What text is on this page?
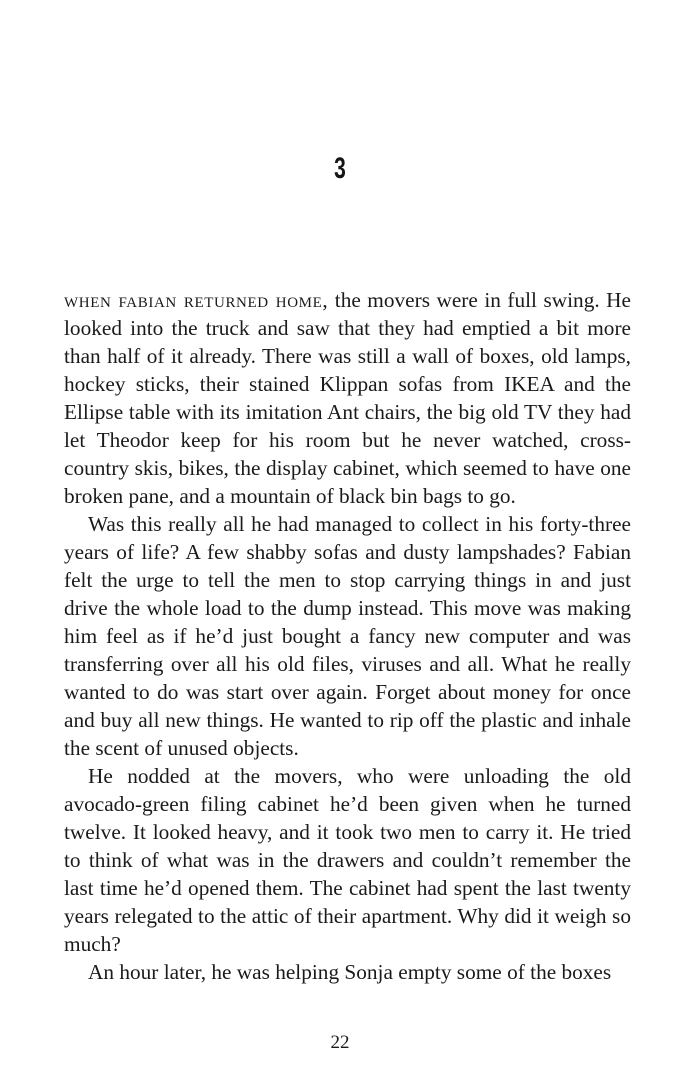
3

when fabian returned home, the movers were in full swing. He looked into the truck and saw that they had emptied a bit more than half of it already. There was still a wall of boxes, old lamps, hockey sticks, their stained Klippan sofas from IKEA and the Ellipse table with its imitation Ant chairs, the big old TV they had let Theodor keep for his room but he never watched, cross-country skis, bikes, the display cabinet, which seemed to have one broken pane, and a mountain of black bin bags to go.

Was this really all he had managed to collect in his forty-three years of life? A few shabby sofas and dusty lampshades? Fabian felt the urge to tell the men to stop carrying things in and just drive the whole load to the dump instead. This move was making him feel as if he’d just bought a fancy new computer and was transferring over all his old files, viruses and all. What he really wanted to do was start over again. Forget about money for once and buy all new things. He wanted to rip off the plastic and inhale the scent of unused objects.

He nodded at the movers, who were unloading the old avocado-green filing cabinet he’d been given when he turned twelve. It looked heavy, and it took two men to carry it. He tried to think of what was in the drawers and couldn’t remember the last time he’d opened them. The cabinet had spent the last twenty years relegated to the attic of their apartment. Why did it weigh so much?

An hour later, he was helping Sonja empty some of the boxes

22
